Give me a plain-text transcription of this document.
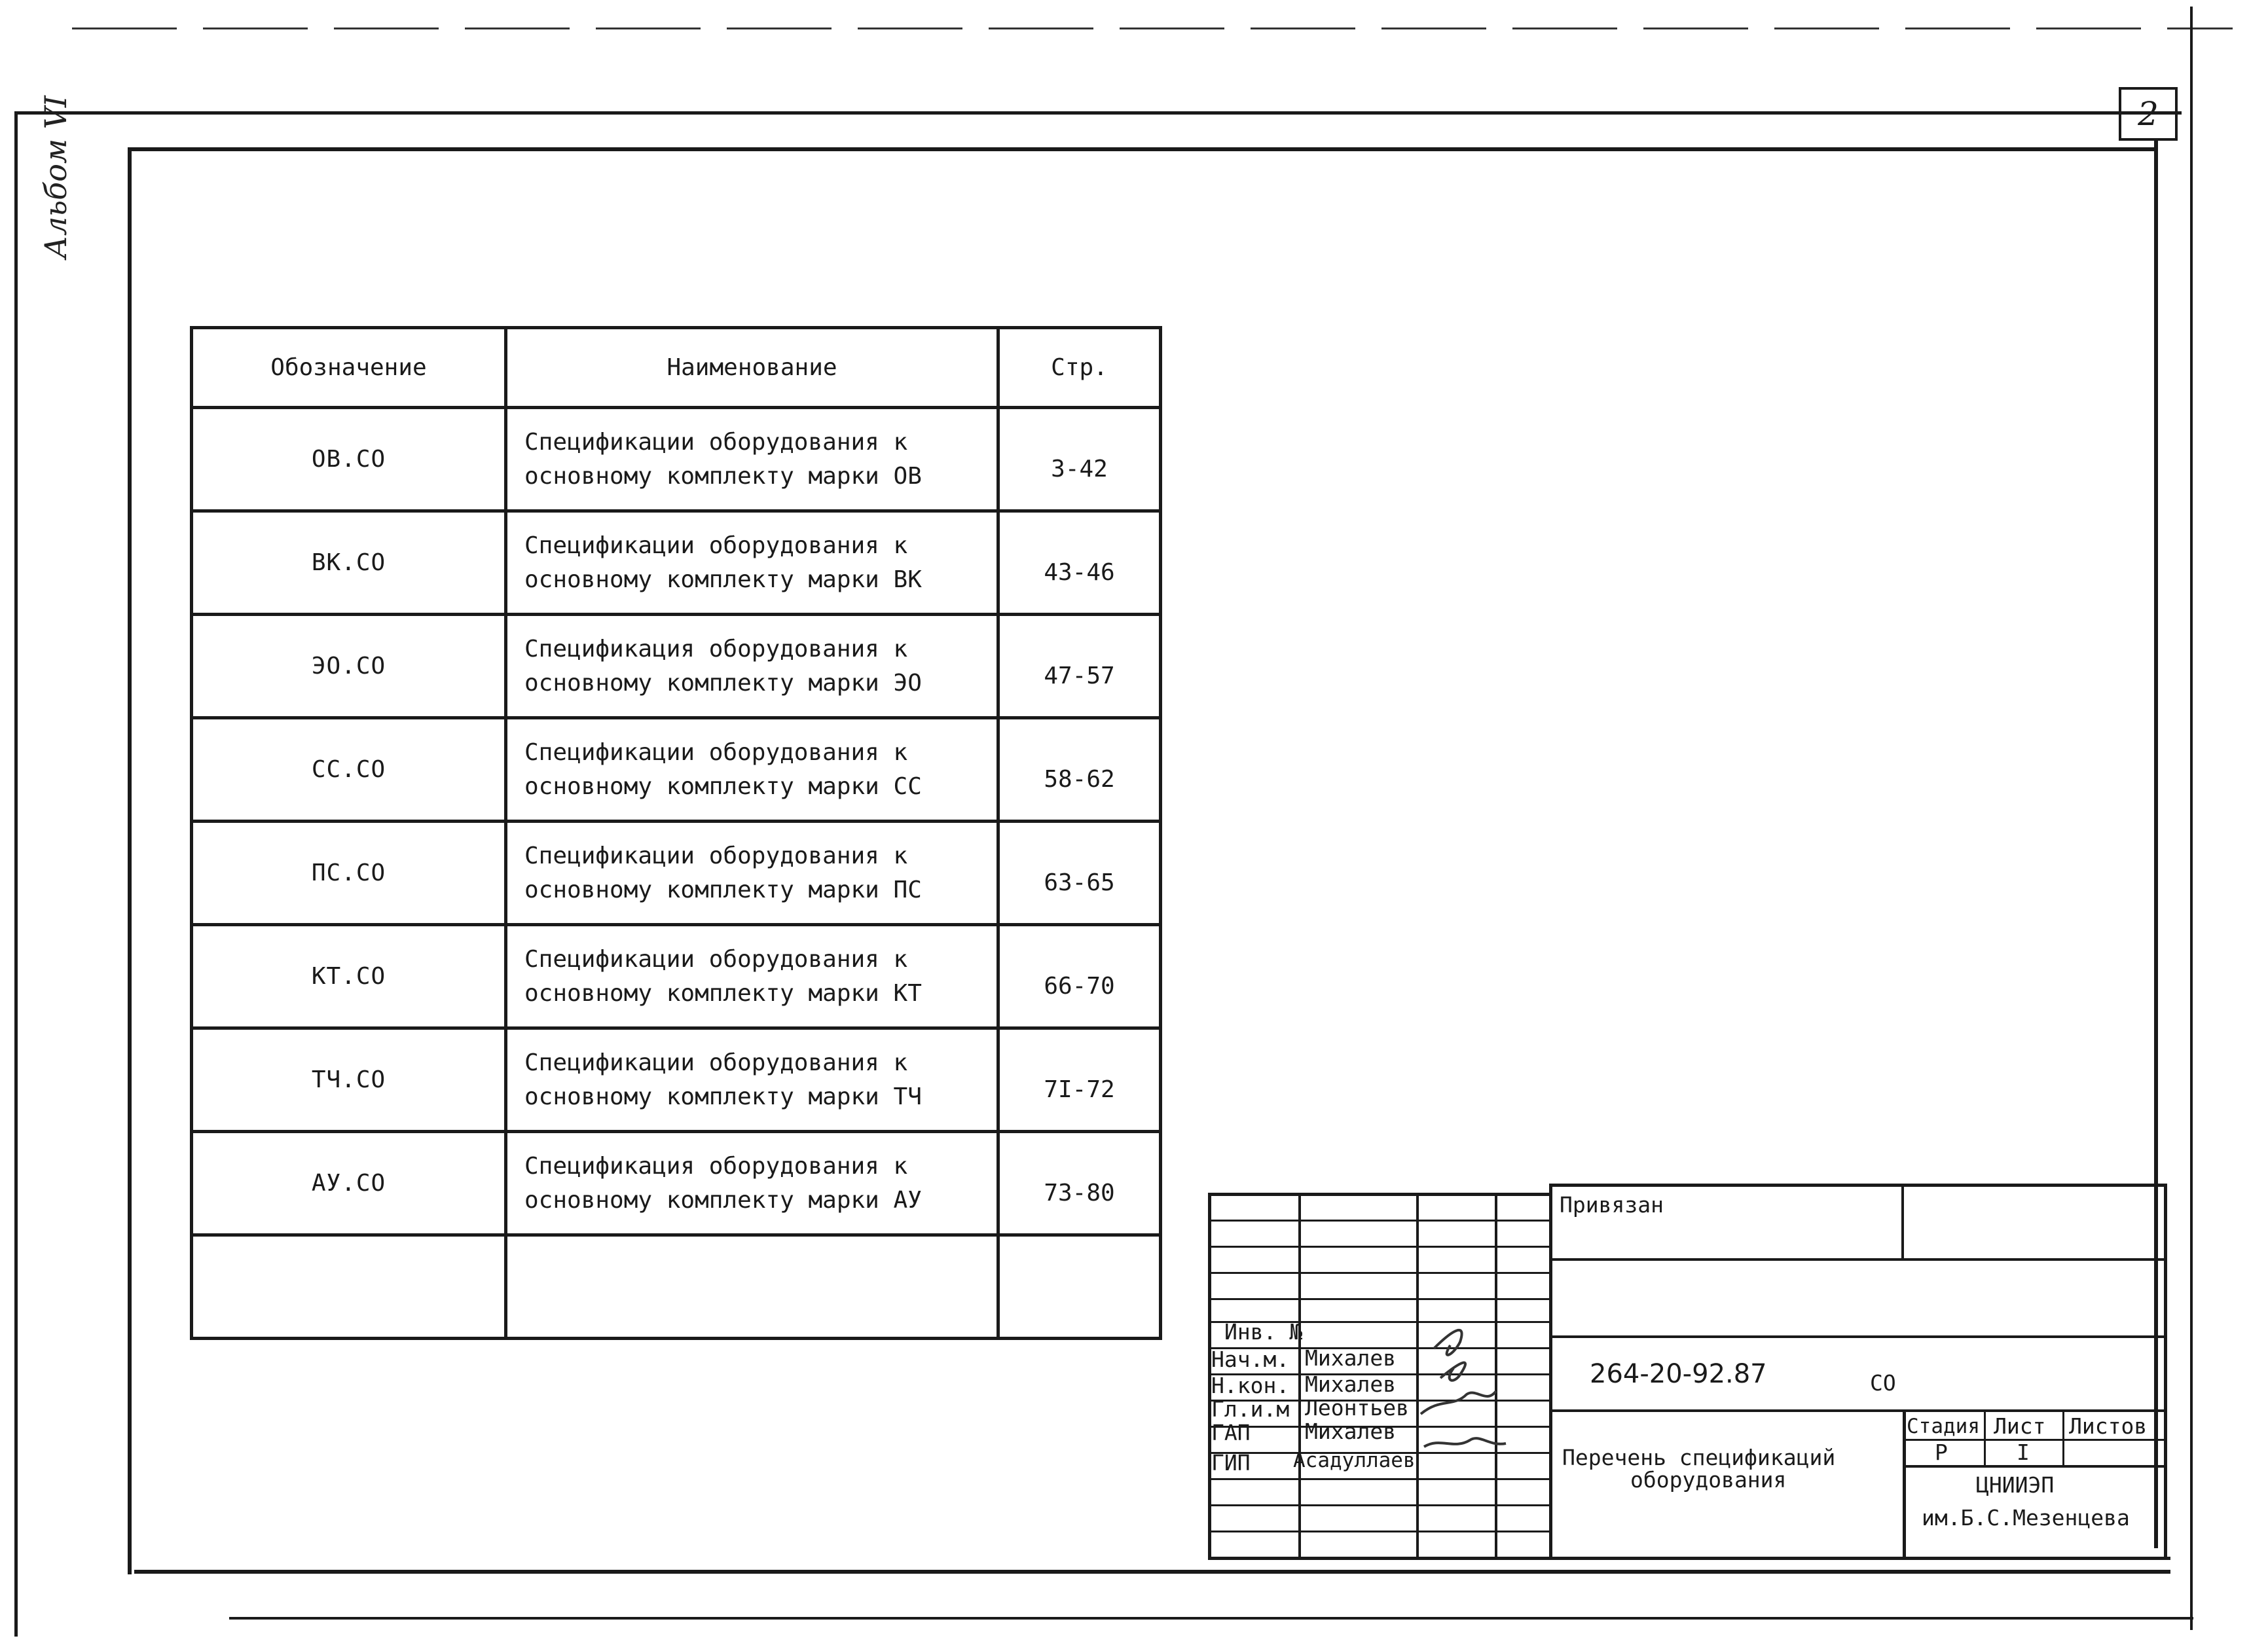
2
Альбом VI
Обозначение	Наименование	Стр.
ОВ.СО	Спецификации оборудования к
основному комплекту марки ОВ	3-42
ВК.СО	Спецификации оборудования к
основному комплекту марки ВК	43-46
ЭО.СО	Спецификация оборудования к
основному комплекту марки ЭО	47-57
СС.СО	Спецификации оборудования к
основному комплекту марки СС	58-62
ПС.СО	Спецификации оборудования к
основному комплекту марки ПС	63-65
КТ.СО	Спецификации оборудования к
основному комплекту марки КТ	66-70
ТЧ.СО	Спецификации оборудования к
основному комплекту марки ТЧ	7I-72
АУ.СО	Спецификация оборудования к
основному комплекту марки АУ	73-80
			Привязан
Инв. №
Нач.м. Михалев
Н.кон. Михалев
Гл.и.м Леонтьев
ГАП	Михалев
ГИП Асадуллаев
264-20-92.87	СО
Перечень спецификаций
оборудования
Стадия Лист Листов
Р	I
ЦНИИЭП
им.Б.С.Мезенцева
